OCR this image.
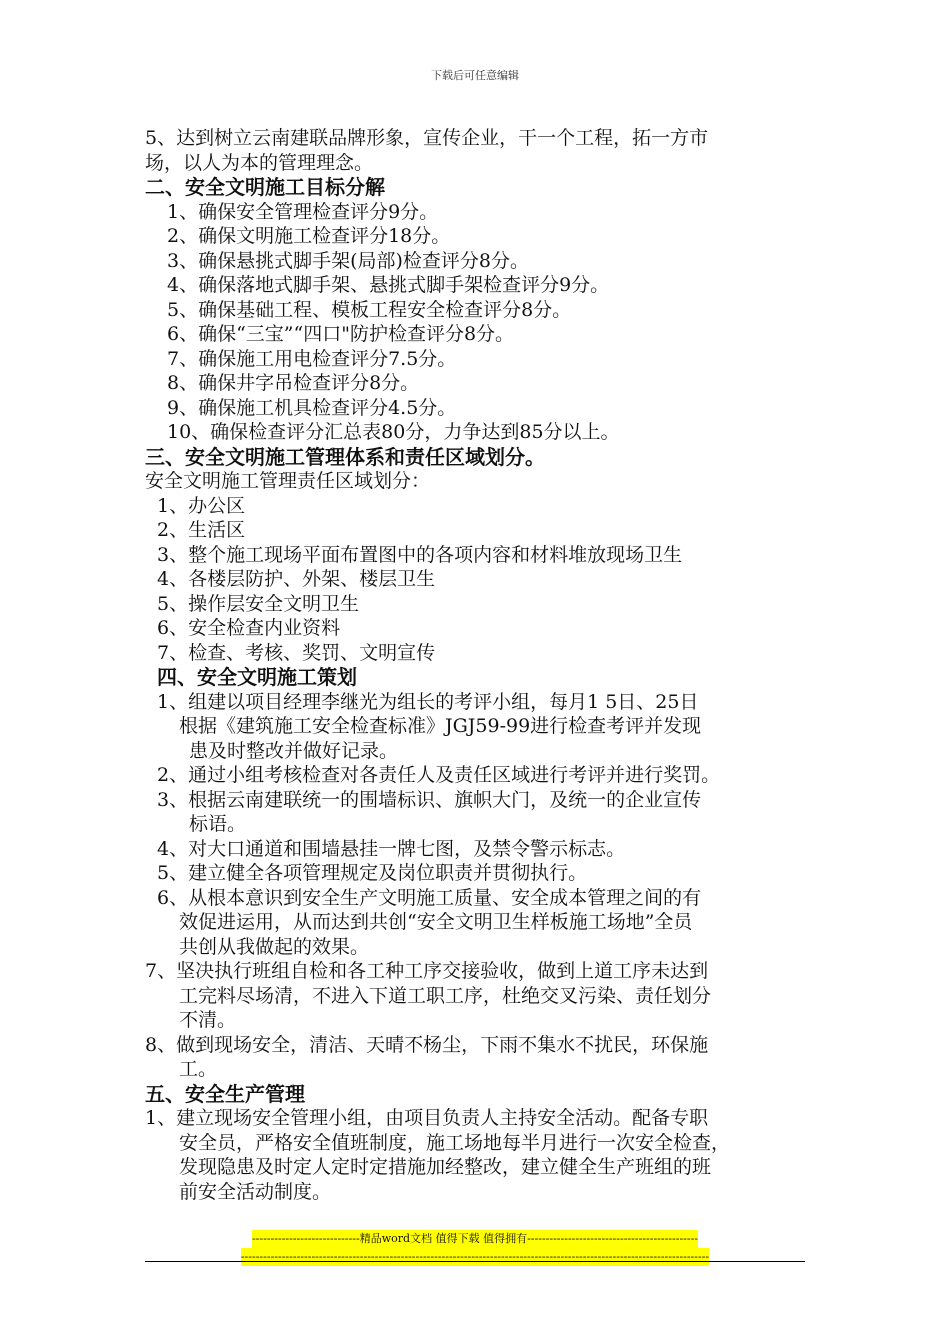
下载后可任意编辑

5、达到树立云南建联品牌形象，宣传企业，干一个工程，拓一方市

场，以人为本的管理理念。

二、安全文明施工目标分解

1、确保安全管理检查评分9分。

2、确保文明施工检查评分18分。

3、确保悬挑式脚手架(局部)检查评分8分。

4、确保落地式脚手架、悬挑式脚手架检查评分9分。

5、确保基础工程、模板工程安全检查评分8分。

6、确保“三宝”“四口"防护检查评分8分。

7、确保施工用电检查评分7.5分。

8、确保井字吊检查评分8分。

9、确保施工机具检查评分4.5分。

10、确保检查评分汇总表80分，力争达到85分以上。

三、安全文明施工管理体系和责任区域划分。

安全文明施工管理责任区域划分：

1、办公区

2、生活区

3、整个施工现场平面布置图中的各项内容和材料堆放现场卫生

4、各楼层防护、外架、楼层卫生

5、操作层安全文明卫生

6、安全检查内业资料

7、检查、考核、奖罚、文明宣传

四、安全文明施工策划

1、组建以项目经理李继光为组长的考评小组，每月1 5日、25日

根据《建筑施工安全检查标准》JGJ59-99进行检查考评并发现

患及时整改并做好记录。

2、通过小组考核检查对各责任人及责任区域进行考评并进行奖罚。

3、根据云南建联统一的围墙标识、旗帜大门，及统一的企业宣传

标语。

4、对大口通道和围墙悬挂一牌七图，及禁令警示标志。

5、建立健全各项管理规定及岗位职责并贯彻执行。

6、从根本意识到安全生产文明施工质量、安全成本管理之间的有

效促进运用，从而达到共创“安全文明卫生样板施工场地”全员

共创从我做起的效果。

7、坚决执行班组自检和各工种工序交接验收，做到上道工序未达到

工完料尽场清，不进入下道工职工序，杜绝交叉污染、责任划分

不清。

8、做到现场安全，清洁、天晴不杨尘，下雨不集水不扰民，环保施

工。

五、安全生产管理

1、建立现场安全管理小组，由项目负责人主持安全活动。配备专职

安全员，严格安全值班制度，施工场地每半月进行一次安全检查，

发现隐患及时定人定时定措施加经整改，建立健全生产班组的班

前安全活动制度。

-----------------------------精品word文档 值得下载 值得拥有----------------------------------------------
------------------------------------------------------------------------------------------------------------------------------
